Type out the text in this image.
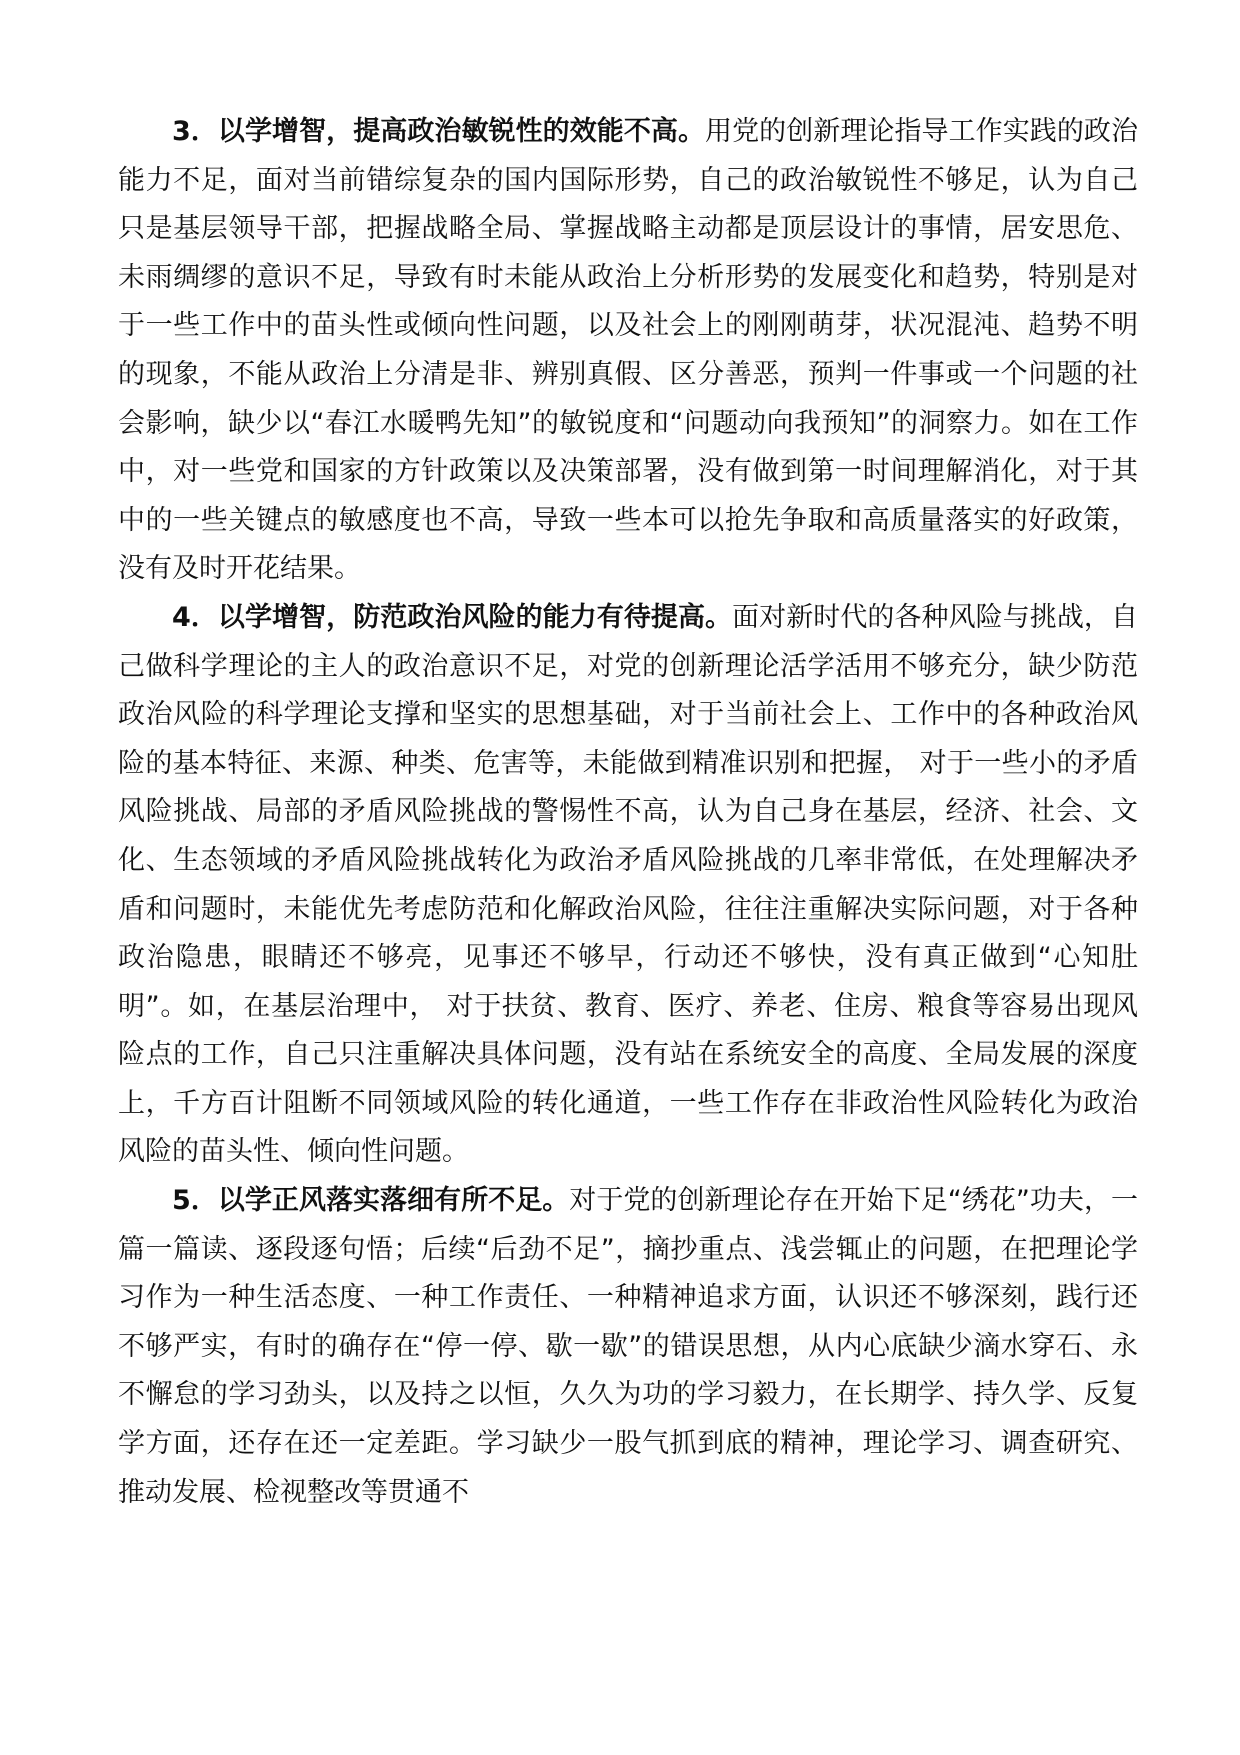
3．以学增智，提高政治敏锐性的效能不高。用党的创新理论指导工作实践的政治能力不足，面对当前错综复杂的国内国际形势，自己的政治敏锐性不够足，认为自己只是基层领导干部，把握战略全局、掌握战略主动都是顶层设计的事情，居安思危、未雨绸缪的意识不足，导致有时未能从政治上分析形势的发展变化和趋势，特别是对于一些工作中的苗头性或倾向性问题，以及社会上的刚刚萌芽，状况混沌、趋势不明的现象，不能从政治上分清是非、辨别真假、区分善恶，预判一件事或一个问题的社会影响，缺少以“春江水暖鸭先知”的敏锐度和“问题动向我预知”的洞察力。如在工作中，对一些党和国家的方针政策以及决策部署，没有做到第一时间理解消化，对于其中的一些关键点的敏感度也不高，导致一些本可以抢先争取和高质量落实的好政策，没有及时开花结果。

4．以学增智，防范政治风险的能力有待提高。面对新时代的各种风险与挑战，自己做科学理论的主人的政治意识不足，对党的创新理论活学活用不够充分，缺少防范政治风险的科学理论支撑和坚实的思想基础，对于当前社会上、工作中的各种政治风险的基本特征、来源、种类、危害等，未能做到精准识别和把握， 对于一些小的矛盾风险挑战、局部的矛盾风险挑战的警惕性不高，认为自己身在基层，经济、社会、文化、生态领域的矛盾风险挑战转化为政治矛盾风险挑战的几率非常低，在处理解决矛盾和问题时，未能优先考虑防范和化解政治风险，往往注重解决实际问题，对于各种政治隐患，眼睛还不够亮，见事还不够早，行动还不够快，没有真正做到“心知肚明”。如，在基层治理中， 对于扶贫、教育、医疗、养老、住房、粮食等容易出现风险点的工作，自己只注重解决具体问题，没有站在系统安全的高度、全局发展的深度上，千方百计阻断不同领域风险的转化通道，一些工作存在非政治性风险转化为政治风险的苗头性、倾向性问题。

5．以学正风落实落细有所不足。对于党的创新理论存在开始下足“绣花”功夫，一篇一篇读、逐段逐句悟；后续“后劲不足”，摘抄重点、浅尝辄止的问题，在把理论学习作为一种生活态度、一种工作责任、一种精神追求方面，认识还不够深刻，践行还不够严实，有时的确存在“停一停、歇一歇”的错误思想，从内心底缺少滴水穿石、永不懈怠的学习劲头，以及持之以恒，久久为功的学习毅力，在长期学、持久学、反复学方面，还存在还一定差距。学习缺少一股气抓到底的精神，理论学习、调查研究、推动发展、检视整改等贯通不
